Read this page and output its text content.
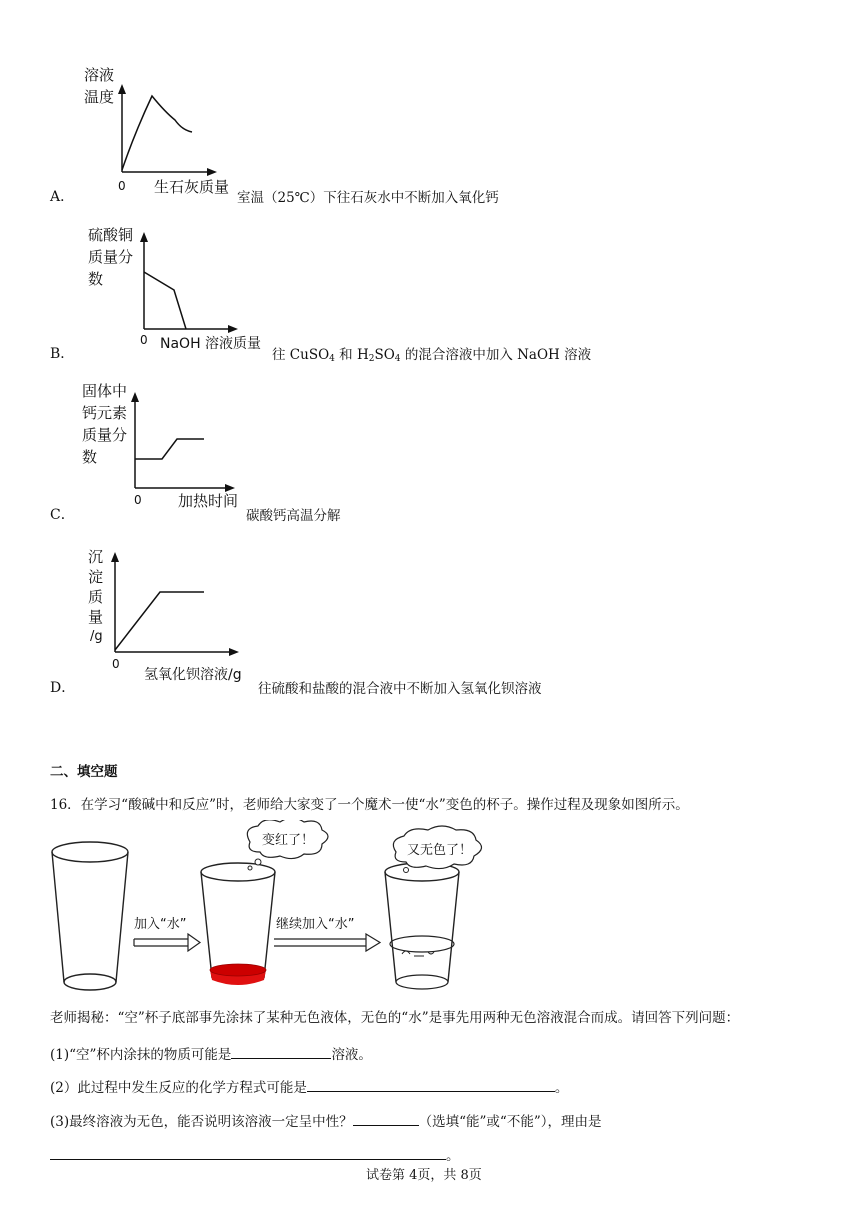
A．
溶液
温度
0 生石灰质量
室温（25℃）下往石灰水中不断加入氧化钙
B．
硫酸铜
质量分
数
0 NaOH 溶液质量
往 CuSO$_4$ 和 $H_2SO_4$ 的混合溶液中加入 NaOH 溶液
C．
固体中
钙元素
质量分
数
0 加热时间
碳酸钙高温分解
D．
沉
淀
质
量
/g
0
氢氧化钡溶液/g
往硫酸和盐酸的混合液中不断加入氢氧化钡溶液
二、填空题
16．在学习“酸碱中和反应”时，老师给大家变了一个魔术一使“水”变色的杯子。操作过程及现象如图所示。
加入“水”
变红了！
继续加入“水”
又无色了！
老师揭秘：“空”杯子底部事先涂抹了某种无色液体，无色的“水”是事先用两种无色溶液混合而成。请回答下列问题：
(1)“空”杯内涂抹的物质可能是	溶液。
(2）此过程中发生反应的化学方程式可能是	。
(3)最终溶液为无色，能否说明该溶液一定呈中性？	（选填“能”或“不能”），理由是
。
试卷第 4页，共 8页
